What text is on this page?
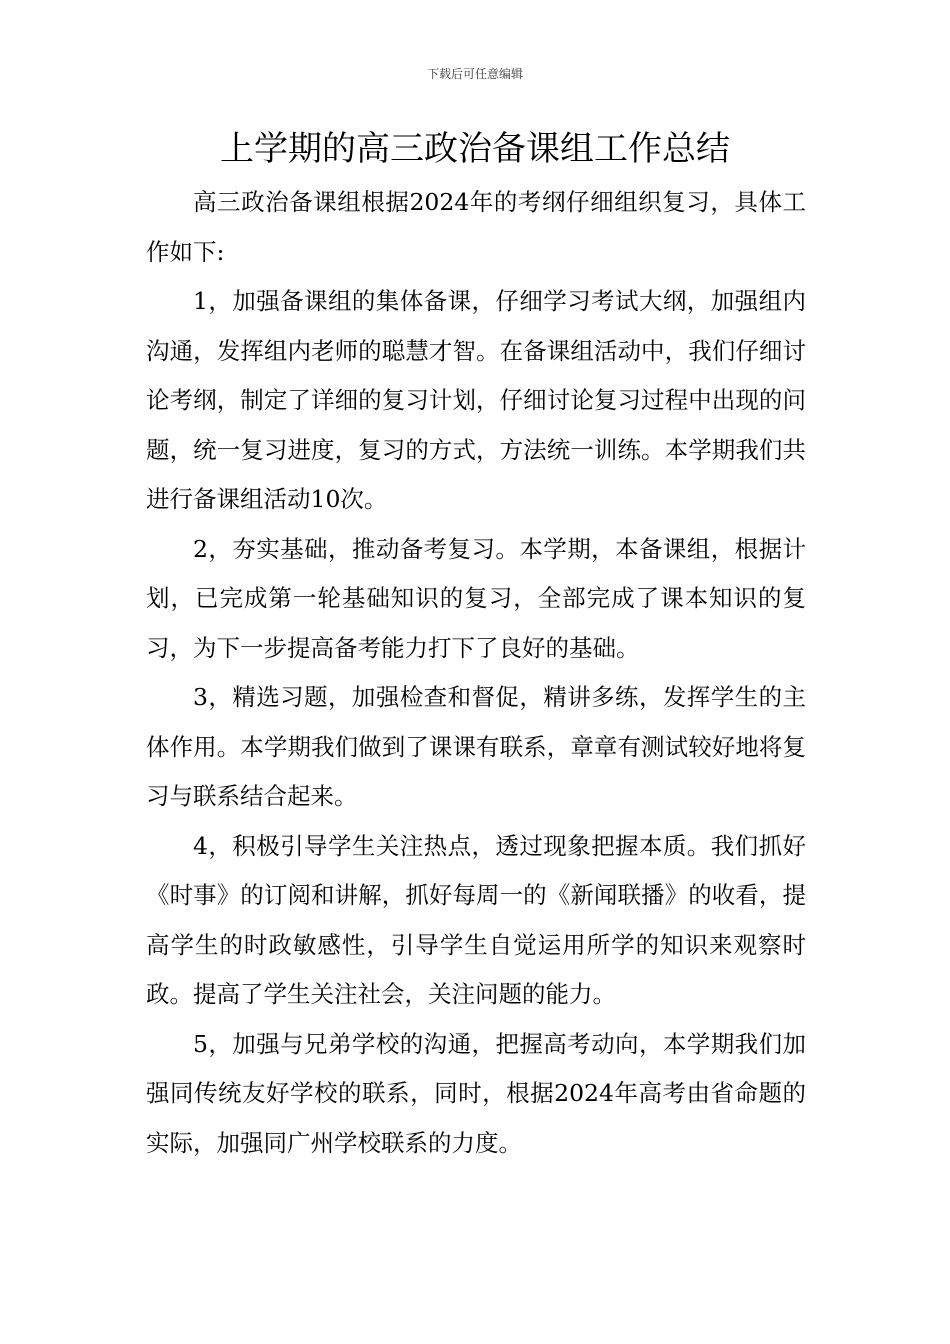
下载后可任意编辑
上学期的高三政治备课组工作总结

高三政治备课组根据2024年的考纲仔细组织复习，具体工作如下:

1，加强备课组的集体备课，仔细学习考试大纲，加强组内沟通，发挥组内老师的聪慧才智。在备课组活动中，我们仔细讨论考纲，制定了详细的复习计划，仔细讨论复习过程中出现的问题，统一复习进度，复习的方式，方法统一训练。本学期我们共进行备课组活动10次。

2，夯实基础，推动备考复习。本学期，本备课组，根据计划，已完成第一轮基础知识的复习，全部完成了课本知识的复习，为下一步提高备考能力打下了良好的基础。

3，精选习题，加强检查和督促，精讲多练，发挥学生的主体作用。本学期我们做到了课课有联系，章章有测试较好地将复习与联系结合起来。

4，积极引导学生关注热点，透过现象把握本质。我们抓好《时事》的订阅和讲解，抓好每周一的《新闻联播》的收看，提高学生的时政敏感性，引导学生自觉运用所学的知识来观察时政。提高了学生关注社会，关注问题的能力。

5，加强与兄弟学校的沟通，把握高考动向，本学期我们加强同传统友好学校的联系，同时，根据2024年高考由省命题的实际，加强同广州学校联系的力度。
